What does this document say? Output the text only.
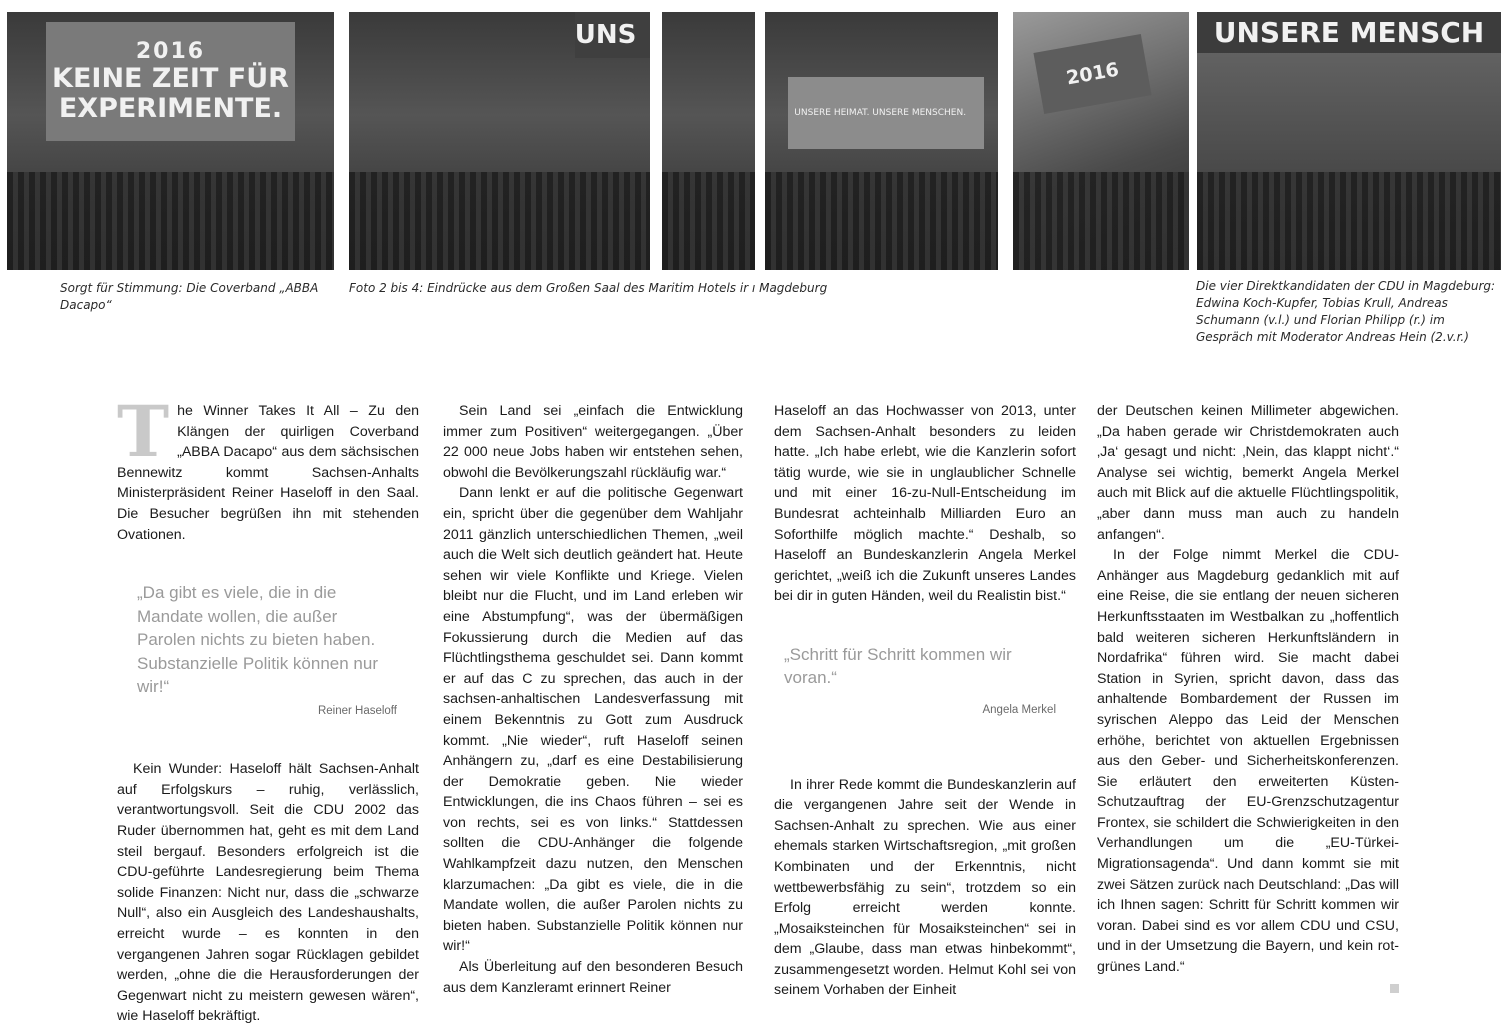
2016
KEINE ZEIT FÜR
EXPERIMENTE.
UNS
UNSERE HEIMAT. UNSERE MENSCHEN.
2016
UNSERE MENSCH
Sorgt für Stimmung: Die Coverband „ABBA Dacapo“
Foto 2 bis 4: Eindrücke aus dem Großen Saal des Maritim Hotels ir ı Magdeburg	Die vier Direktkandidaten der CDU in Magdeburg: Edwina Koch-Kupfer, Tobias Krull, Andreas Schumann (v.l.) und Florian Philipp (r.) im Gespräch mit Moderator Andreas Hein (2.v.r.)
T he Winner Takes It All – Zu den Klängen der quirligen Coverband „ABBA Dacapo“ aus dem sächsischen Bennewitz kommt Sachsen-Anhalts Ministerpräsident Reiner Haseloff in den Saal. Die Besucher begrüßen ihn mit stehenden Ovationen.

„Da gibt es viele, die in die Mandate wollen, die außer Parolen nichts zu bieten haben. Substanzielle Politik können nur wir!“
Reiner Haseloff

Kein Wunder: Haseloff hält Sachsen-Anhalt auf Erfolgskurs – ruhig, verlässlich, verantwortungsvoll. Seit die CDU 2002 das Ruder übernommen hat, geht es mit dem Land steil bergauf. Besonders erfolgreich ist die CDU-geführte Landesregierung beim Thema solide Finanzen: Nicht nur, dass die „schwarze Null“, also ein Ausgleich des Landeshaushalts, erreicht wurde – es konnten in den vergangenen Jahren sogar Rücklagen gebildet werden, „ohne die die Herausforderungen der Gegenwart nicht zu meistern gewesen wären“, wie Haseloff bekräftigt.

Sein Land sei „einfach die Entwicklung immer zum Positiven“ weitergegangen. „Über 22 000 neue Jobs haben wir entstehen sehen, obwohl die Bevölkerungszahl rückläufig war.“

Dann lenkt er auf die politische Gegenwart ein, spricht über die gegenüber dem Wahljahr 2011 gänzlich unterschiedlichen Themen, „weil auch die Welt sich deutlich geändert hat. Heute sehen wir viele Konflikte und Kriege. Vielen bleibt nur die Flucht, und im Land erleben wir eine Abstumpfung“, was der übermäßigen Fokussierung durch die Medien auf das Flüchtlingsthema geschuldet sei. Dann kommt er auf das C zu sprechen, das auch in der sachsen-anhaltischen Landesverfassung mit einem Bekenntnis zu Gott zum Ausdruck kommt. „Nie wieder“, ruft Haseloff seinen Anhängern zu, „darf es eine Destabilisierung der Demokratie geben. Nie wieder Entwicklungen, die ins Chaos führen – sei es von rechts, sei es von links.“ Stattdessen sollten die CDU-Anhänger die folgende Wahlkampfzeit dazu nutzen, den Menschen klarzumachen: „Da gibt es viele, die in die Mandate wollen, die außer Parolen nichts zu bieten haben. Substanzielle Politik können nur wir!“

Als Überleitung auf den besonderen Besuch aus dem Kanzleramt erinnert Reiner

Haseloff an das Hochwasser von 2013, unter dem Sachsen-Anhalt besonders zu leiden hatte. „Ich habe erlebt, wie die Kanzlerin sofort tätig wurde, wie sie in unglaublicher Schnelle und mit einer 16-zu-Null-Entscheidung im Bundesrat achteinhalb Milliarden Euro an Soforthilfe möglich machte.“ Deshalb, so Haseloff an Bundeskanzlerin Angela Merkel gerichtet, „weiß ich die Zukunft unseres Landes bei dir in guten Händen, weil du Realistin bist.“

„Schritt für Schritt kommen wir voran.“
Angela Merkel

In ihrer Rede kommt die Bundeskanzlerin auf die vergangenen Jahre seit der Wende in Sachsen-Anhalt zu sprechen. Wie aus einer ehemals starken Wirtschaftsregion, „mit großen Kombinaten und der Erkenntnis, nicht wettbewerbsfähig zu sein“, trotzdem so ein Erfolg erreicht werden konnte. „Mosaiksteinchen für Mosaiksteinchen“ sei in dem „Glaube, dass man etwas hinbekommt“, zusammengesetzt worden. Helmut Kohl sei von seinem Vorhaben der Einheit

der Deutschen keinen Millimeter abgewichen. „Da haben gerade wir Christdemokraten auch ‚Ja‘ gesagt und nicht: ‚Nein, das klappt nicht‘.“ Analyse sei wichtig, bemerkt Angela Merkel auch mit Blick auf die aktuelle Flüchtlingspolitik, „aber dann muss man auch zu handeln anfangen“.

In der Folge nimmt Merkel die CDU-Anhänger aus Magdeburg gedanklich mit auf eine Reise, die sie entlang der neuen sicheren Herkunftsstaaten im Westbalkan zu „hoffentlich bald weiteren sicheren Herkunftsländern in Nordafrika“ führen wird. Sie macht dabei Station in Syrien, spricht davon, dass das anhaltende Bombardement der Russen im syrischen Aleppo das Leid der Menschen erhöhe, berichtet von aktuellen Ergebnissen aus den Geber- und Sicherheitskonferenzen. Sie erläutert den erweiterten Küsten-Schutzauftrag der EU-Grenzschutzagentur Frontex, sie schildert die Schwierigkeiten in den Verhandlungen um die „EU-Türkei-Migrationsagenda“. Und dann kommt sie mit zwei Sätzen zurück nach Deutschland: „Das will ich Ihnen sagen: Schritt für Schritt kommen wir voran. Dabei sind es vor allem CDU und CSU, und in der Umsetzung die Bayern, und kein rot-grünes Land.“
